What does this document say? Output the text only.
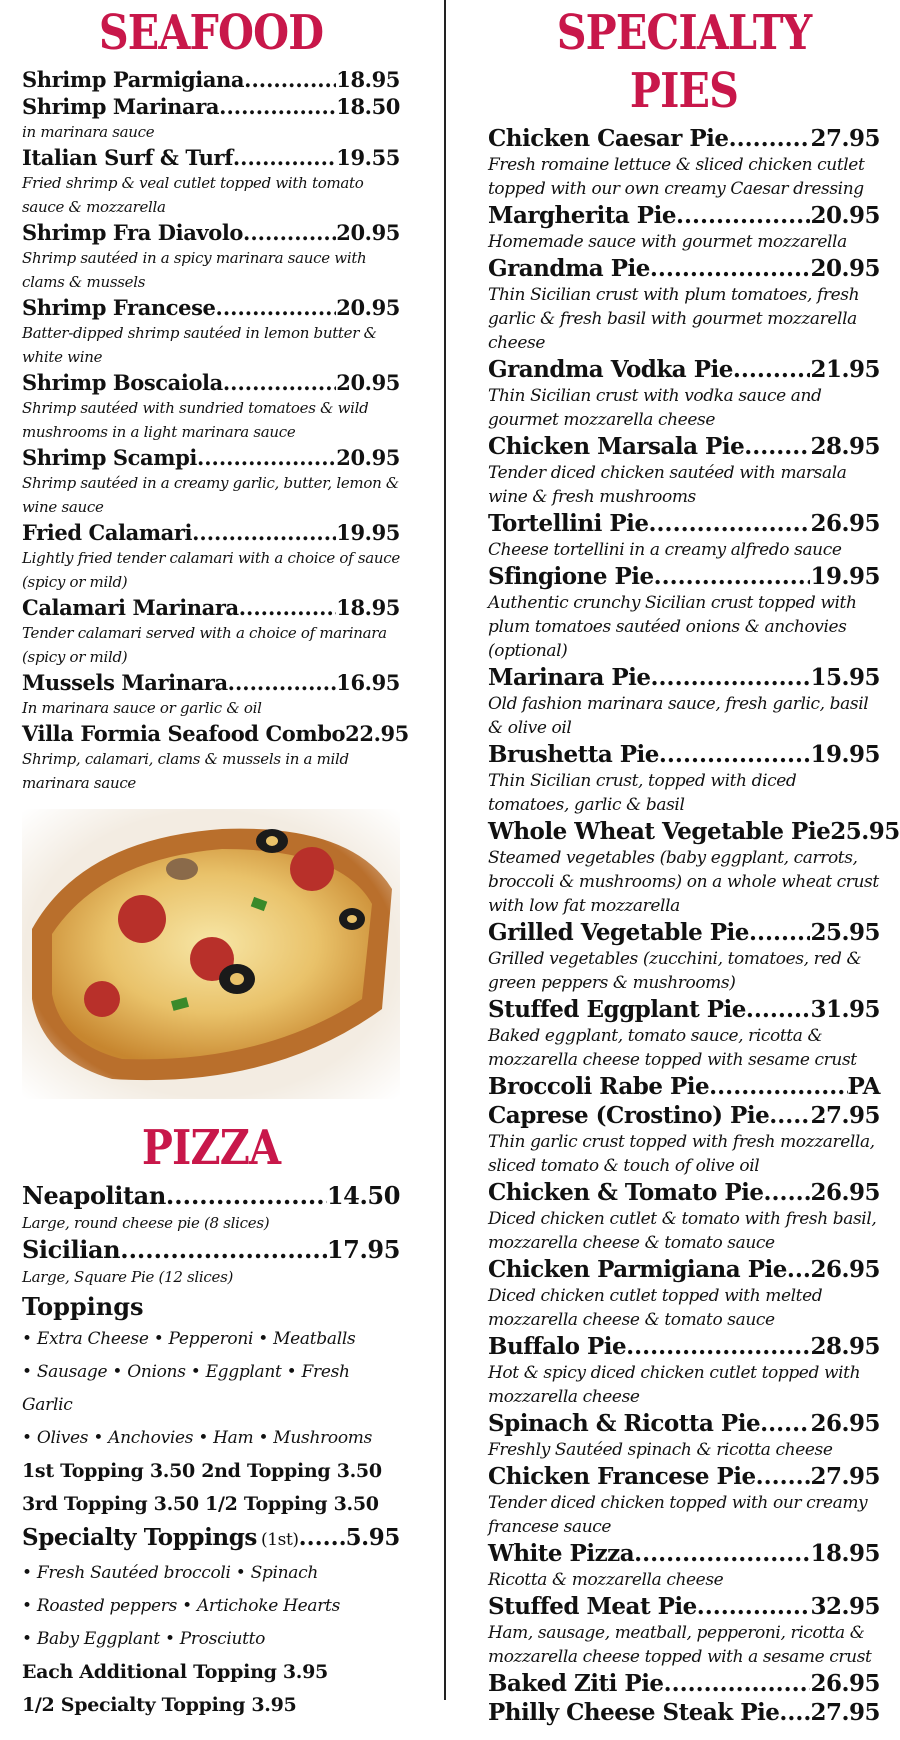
SEAFOOD
Shrimp Parmigiana .....	18.95
Shrimp Marinara .....	18.50
in marinara sauce
Italian Surf & Turf .....	19.55
Fried shrimp & veal cutlet topped with tomato sauce & mozzarella
Shrimp Fra Diavolo .....	20.95
Shrimp sautéed in a spicy marinara sauce with clams & mussels
Shrimp Francese .....	20.95
Batter-dipped shrimp sautéed in lemon butter & white wine
Shrimp Boscaiola .....	20.95
Shrimp sautéed with sundried tomatoes & wild mushrooms in a light marinara sauce
Shrimp Scampi .....	20.95
Shrimp sautéed in a creamy garlic, butter, lemon & wine sauce
Fried Calamari .....	19.95
Lightly fried tender calamari with a choice of sauce (spicy or mild)
Calamari Marinara .....	18.95
Tender calamari served with a choice of marinara (spicy or mild)
Mussels Marinara .....	16.95
In marinara sauce or garlic & oil
Villa Formia Seafood Combo 22.95
Shrimp, calamari, clams & mussels in a mild marinara sauce
PIZZA
Neapolitan .....	14.50
Large, round cheese pie (8 slices)
Sicilian .....	17.95
Large, Square Pie (12 slices)
Toppings
• Extra Cheese • Pepperoni • Meatballs
• Sausage • Onions • Eggplant • Fresh Garlic
• Olives • Anchovies • Ham • Mushrooms
1st Topping 3.50 2nd Topping 3.50
3rd Topping 3.50 1/2 Topping 3.50
Specialty Toppings (1st) ..... 5.95
• Fresh Sautéed broccoli • Spinach
• Roasted peppers • Artichoke Hearts
• Baby Eggplant • Prosciutto
Each Additional Topping 3.95
1/2 Specialty Topping 3.95
SPECIALTY PIES
Chicken Caesar Pie .....	27.95
Fresh romaine lettuce & sliced chicken cutlet topped with our own creamy Caesar dressing
Margherita Pie .....	20.95
Homemade sauce with gourmet mozzarella
Grandma Pie .....	20.95
Thin Sicilian crust with plum tomatoes, fresh garlic & fresh basil with gourmet mozzarella cheese
Grandma Vodka Pie .....	21.95
Thin Sicilian crust with vodka sauce and gourmet mozzarella cheese
Chicken Marsala Pie .....	28.95
Tender diced chicken sautéed with marsala wine & fresh mushrooms
Tortellini Pie .....	26.95
Cheese tortellini in a creamy alfredo sauce
Sfingione Pie .....	19.95
Authentic crunchy Sicilian crust topped with plum tomatoes sautéed onions & anchovies (optional)
Marinara Pie .....	15.95
Old fashion marinara sauce, fresh garlic, basil & olive oil
Brushetta Pie .....	19.95
Thin Sicilian crust, topped with diced tomatoes, garlic & basil
Whole Wheat Vegetable Pie 25.95
Steamed vegetables (baby eggplant, carrots, broccoli & mushrooms) on a whole wheat crust with low fat mozzarella
Grilled Vegetable Pie .....	25.95
Grilled vegetables (zucchini, tomatoes, red & green peppers & mushrooms)
Stuffed Eggplant Pie .....	31.95
Baked eggplant, tomato sauce, ricotta & mozzarella cheese topped with sesame crust
Broccoli Rabe Pie .....	PA
Caprese (Crostino) Pie ..... 27.95
Thin garlic crust topped with fresh mozzarella, sliced tomato & touch of olive oil
Chicken & Tomato Pie ..... 26.95
Diced chicken cutlet & tomato with fresh basil, mozzarella cheese & tomato sauce
Chicken Parmigiana Pie ..... 26.95
Diced chicken cutlet topped with melted mozzarella cheese & tomato sauce
Buffalo Pie .....	28.95
Hot & spicy diced chicken cutlet topped with mozzarella cheese
Spinach & Ricotta Pie ..... 26.95
Freshly Sautéed spinach & ricotta cheese
Chicken Francese Pie ..... 27.95
Tender diced chicken topped with our creamy francese sauce
White Pizza .....	18.95
Ricotta & mozzarella cheese
Stuffed Meat Pie .....	32.95
Ham, sausage, meatball, pepperoni, ricotta & mozzarella cheese topped with a sesame crust
Baked Ziti Pie .....	26.95
Philly Cheese Steak Pie ..... 27.95
